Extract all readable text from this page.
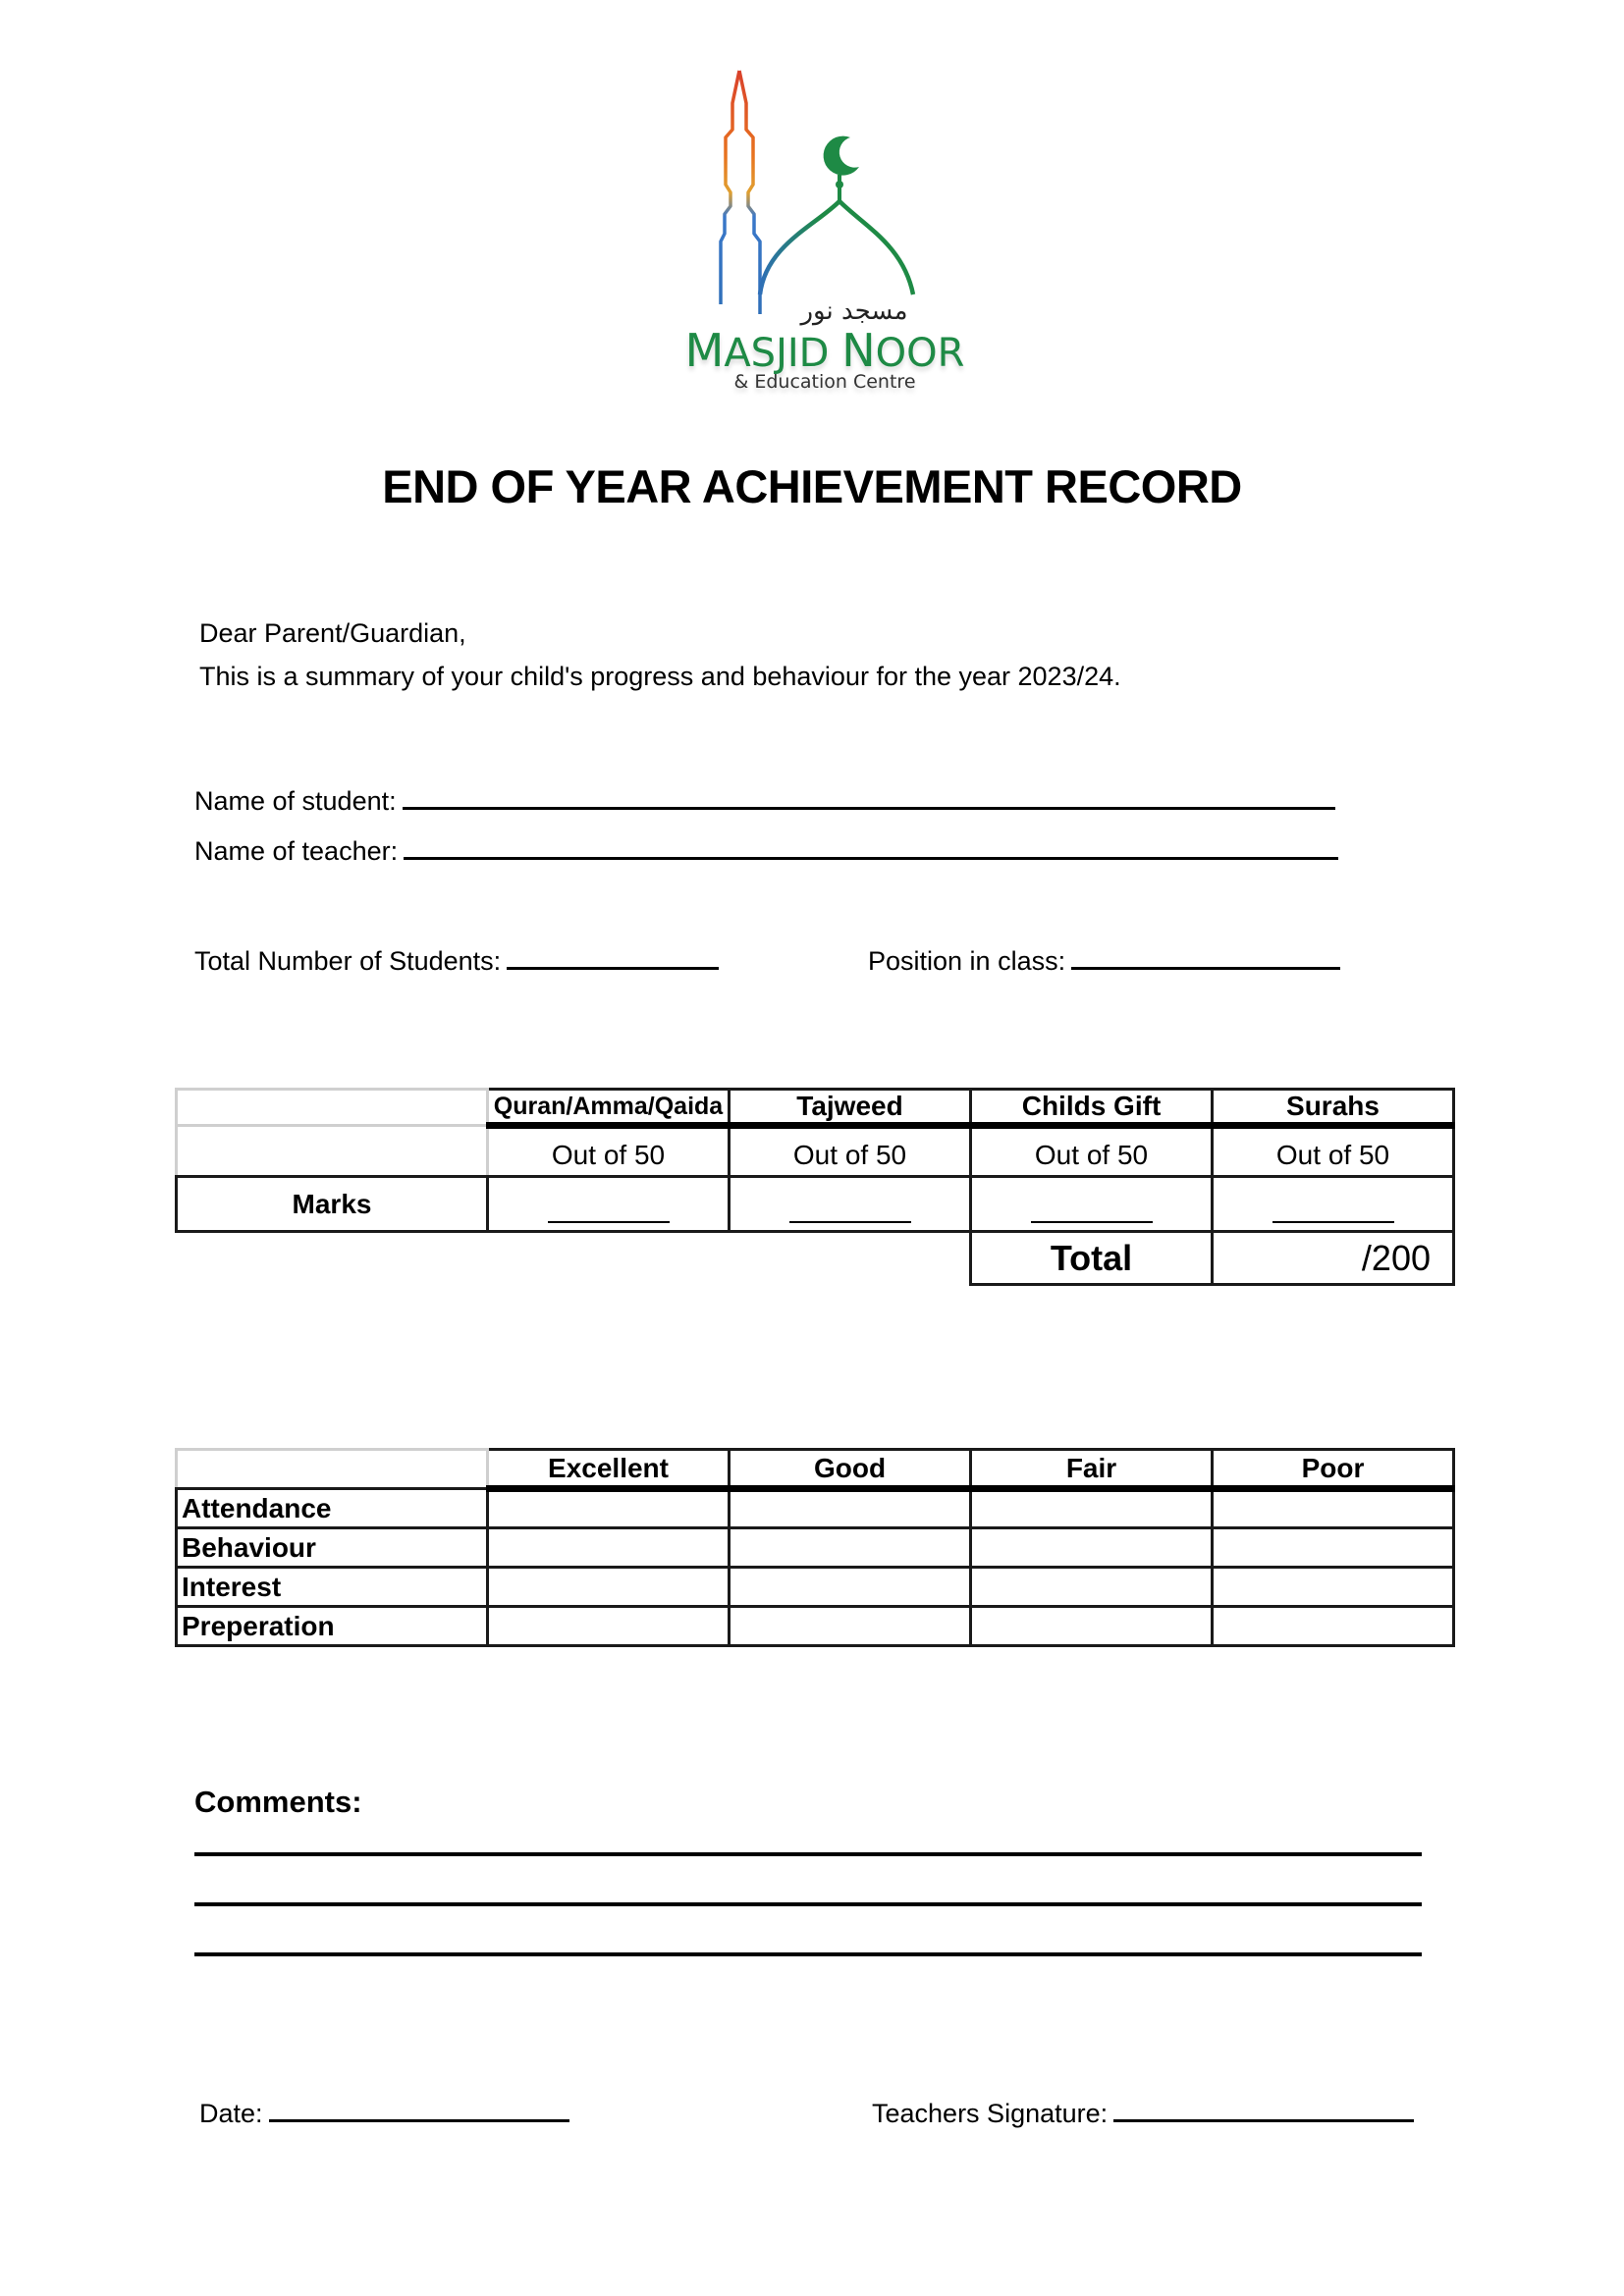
مسجد نور
MASJID NOOR
& Education Centre
END OF YEAR ACHIEVEMENT RECORD
Dear Parent/Guardian,
This is a summary of your child's progress and behaviour for the year 2023/24.
Name of student:
Name of teacher:
Total Number of Students:	Position in class:
	Quran/Amma/Qaida	Tajweed	Childs Gift	Surahs
	Out of 50	Out of 50	Out of 50	Out of 50
Marks				
			Total	/200
	Excellent	Good	Fair	Poor
Attendance				
Behaviour				
Interest				
Preperation				
Comments:
Date:	Teachers Signature:
